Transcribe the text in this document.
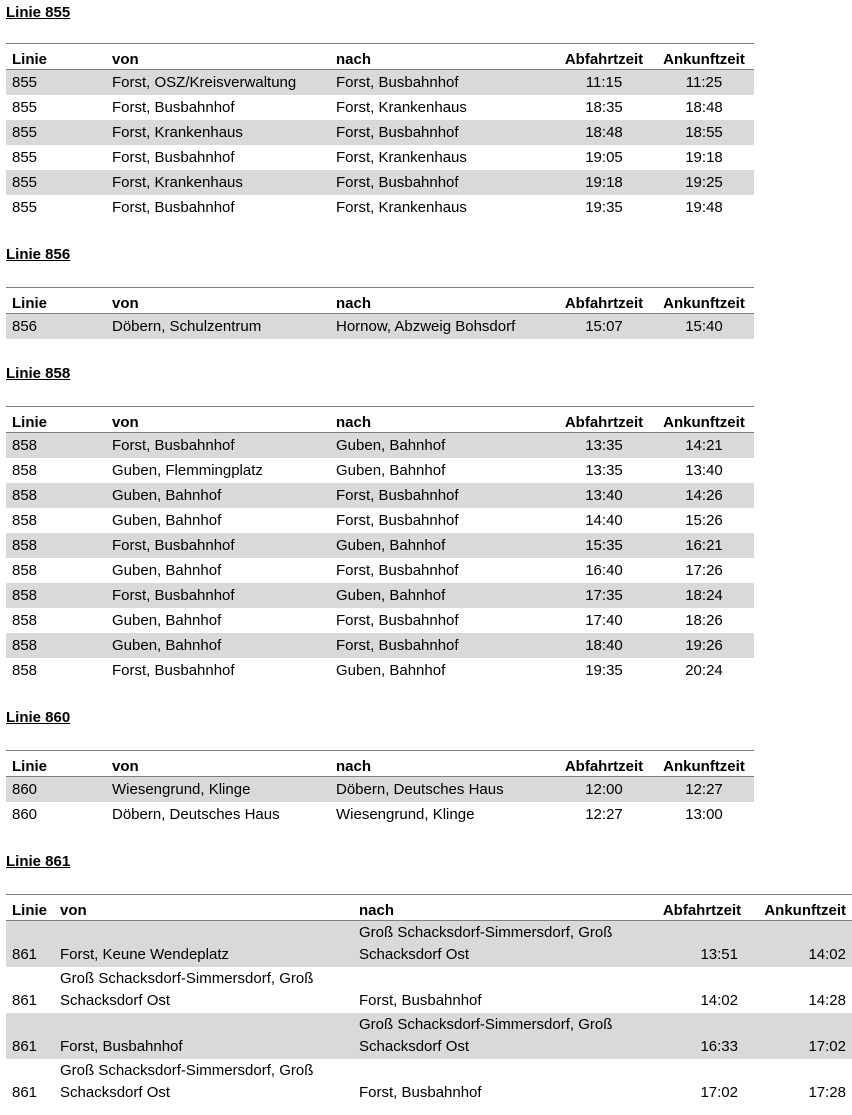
Linie 855
Linie	von	nach	Abfahrtzeit	Ankunftzeit
855	Forst, OSZ/Kreisverwaltung	Forst, Busbahnhof	11:15	11:25
855	Forst, Busbahnhof	Forst, Krankenhaus	18:35	18:48
855	Forst, Krankenhaus	Forst, Busbahnhof	18:48	18:55
855	Forst, Busbahnhof	Forst, Krankenhaus	19:05	19:18
855	Forst, Krankenhaus	Forst, Busbahnhof	19:18	19:25
855	Forst, Busbahnhof	Forst, Krankenhaus	19:35	19:48
Linie 856
Linie	von	nach	Abfahrtzeit	Ankunftzeit
856	Döbern, Schulzentrum	Hornow, Abzweig Bohsdorf	15:07	15:40
Linie 858
Linie	von	nach	Abfahrtzeit	Ankunftzeit
858	Forst, Busbahnhof	Guben, Bahnhof	13:35	14:21
858	Guben, Flemmingplatz	Guben, Bahnhof	13:35	13:40
858	Guben, Bahnhof	Forst, Busbahnhof	13:40	14:26
858	Guben, Bahnhof	Forst, Busbahnhof	14:40	15:26
858	Forst, Busbahnhof	Guben, Bahnhof	15:35	16:21
858	Guben, Bahnhof	Forst, Busbahnhof	16:40	17:26
858	Forst, Busbahnhof	Guben, Bahnhof	17:35	18:24
858	Guben, Bahnhof	Forst, Busbahnhof	17:40	18:26
858	Guben, Bahnhof	Forst, Busbahnhof	18:40	19:26
858	Forst, Busbahnhof	Guben, Bahnhof	19:35	20:24
Linie 860
Linie	von	nach	Abfahrtzeit	Ankunftzeit
860	Wiesengrund, Klinge	Döbern, Deutsches Haus	12:00	12:27
860	Döbern, Deutsches Haus	Wiesengrund, Klinge	12:27	13:00
Linie 861
Linie	von	nach	Abfahrtzeit	Ankunftzeit
861	Forst, Keune Wendeplatz	Groß Schacksdorf-Simmersdorf, Groß Schacksdorf Ost	13:51	14:02
861	Groß Schacksdorf-Simmersdorf, Groß Schacksdorf Ost	Forst, Busbahnhof	14:02	14:28
861	Forst, Busbahnhof	Groß Schacksdorf-Simmersdorf, Groß Schacksdorf Ost	16:33	17:02
861	Groß Schacksdorf-Simmersdorf, Groß Schacksdorf Ost	Forst, Busbahnhof	17:02	17:28
